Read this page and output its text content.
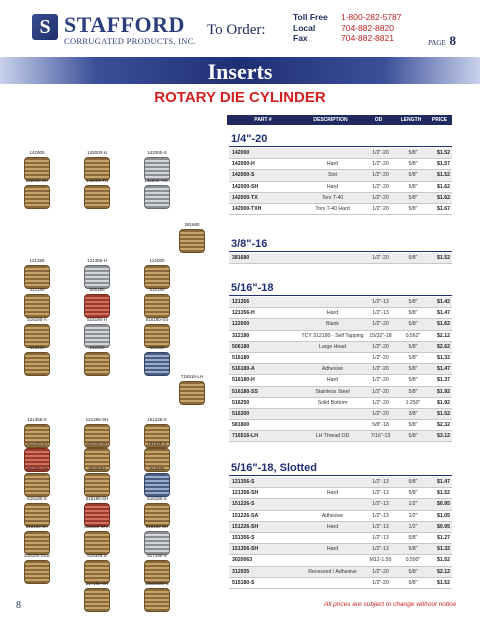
S STAFFORD
CORRUGATED PRODUCTS, INC.
To Order:
Toll Free	1-800-282-5787
Local	704-882-8820
Fax	704-882-8821	PAGE 8
Inserts
ROTARY DIE CYLINDER
142000	142000-H	142000-S
142000-SH	142000-TX	142000-TXH
381680
121356	121356-H	122000
312180	506180	516180
516180-A	516180-H	516180-SS
516250	516300	581800
716516-LH
121356-S	121356-SH	151226-S
151226-SA	151226-SH	151356-S
151356-SH	3020063	312935
515180-S	515180-SH	516180-S
516180-SA	516180-SAH	516180-SH
516180-SSS	516348-S	517180-S
517180-SH	M508180-S
PART #	DESCRIPTION	OD	LENGTH	PRICE
1/4"-20
142000	1/2"-20	5/8"	$1.52
142000-H	Hard	1/2"-20	5/8"	$1.57
142000-S	Slot	1/2"-20	5/8"	$1.52
142000-SH	Hard	1/2"-20	5/8"	$1.62
142000-TX	Torx T-40	1/2"-20	5/8"	$1.62
142000-TXH	Torx T-40 Hard	1/2"-20	5/8"	$1.67
3/8"-16
381680	1/2"-20	5/8"	$1.52
5/16"-18
121356	1/2"-13	5/8"	$1.42
121356-H	Hard	1/2"-13	5/8"	$1.47
122000	Blank	1/2"-20	5/8"	$1.62
312180	TCY 312180 - Self Tapping	15/32"-18	0.562"	$2.12
506180	Large Head	1/2"-20	5/8"	$2.62
516180	1/2"-20	5/8"	$1.32
516180-A	Adhesive	1/2"-20	5/8"	$1.47
516180-H	Hard	1/2"-20	5/8"	$1.37
516180-SS	Stainless Steel	1/2"-20	5/8"	$1.92
516250	Solid Bottom	1/2"-20	1.250"	$1.92
516300	1/2"-20	3/8"	$1.52
581800	5/8"-18	5/8"	$2.32
716516-LH	LH Thread OD	7/16"-13	5/8"	$3.12
5/16"-18, Slotted
121356-S	1/2"-13	5/8"	$1.47
121356-SH	Hard	1/2"-13	5/8"	$1.52
151226-S	1/2"-13	1/2"	$0.95
151226-SA	Adhesive	1/2"-13	1/2"	$1.05
151226-SH	Hard	1/2"-13	1/2"	$0.95
151356-S	1/2"-13	5/8"	$1.27
151356-SH	Hard	1/2"-13	5/8"	$1.32
3020063	M12-1.50	0.590"	$1.52
312935	Recessed / Adhesive	1/2"-20	5/8"	$2.12
515180-S	1/2"-20	5/8"	$1.52
8	All prices are subject to change without notice
